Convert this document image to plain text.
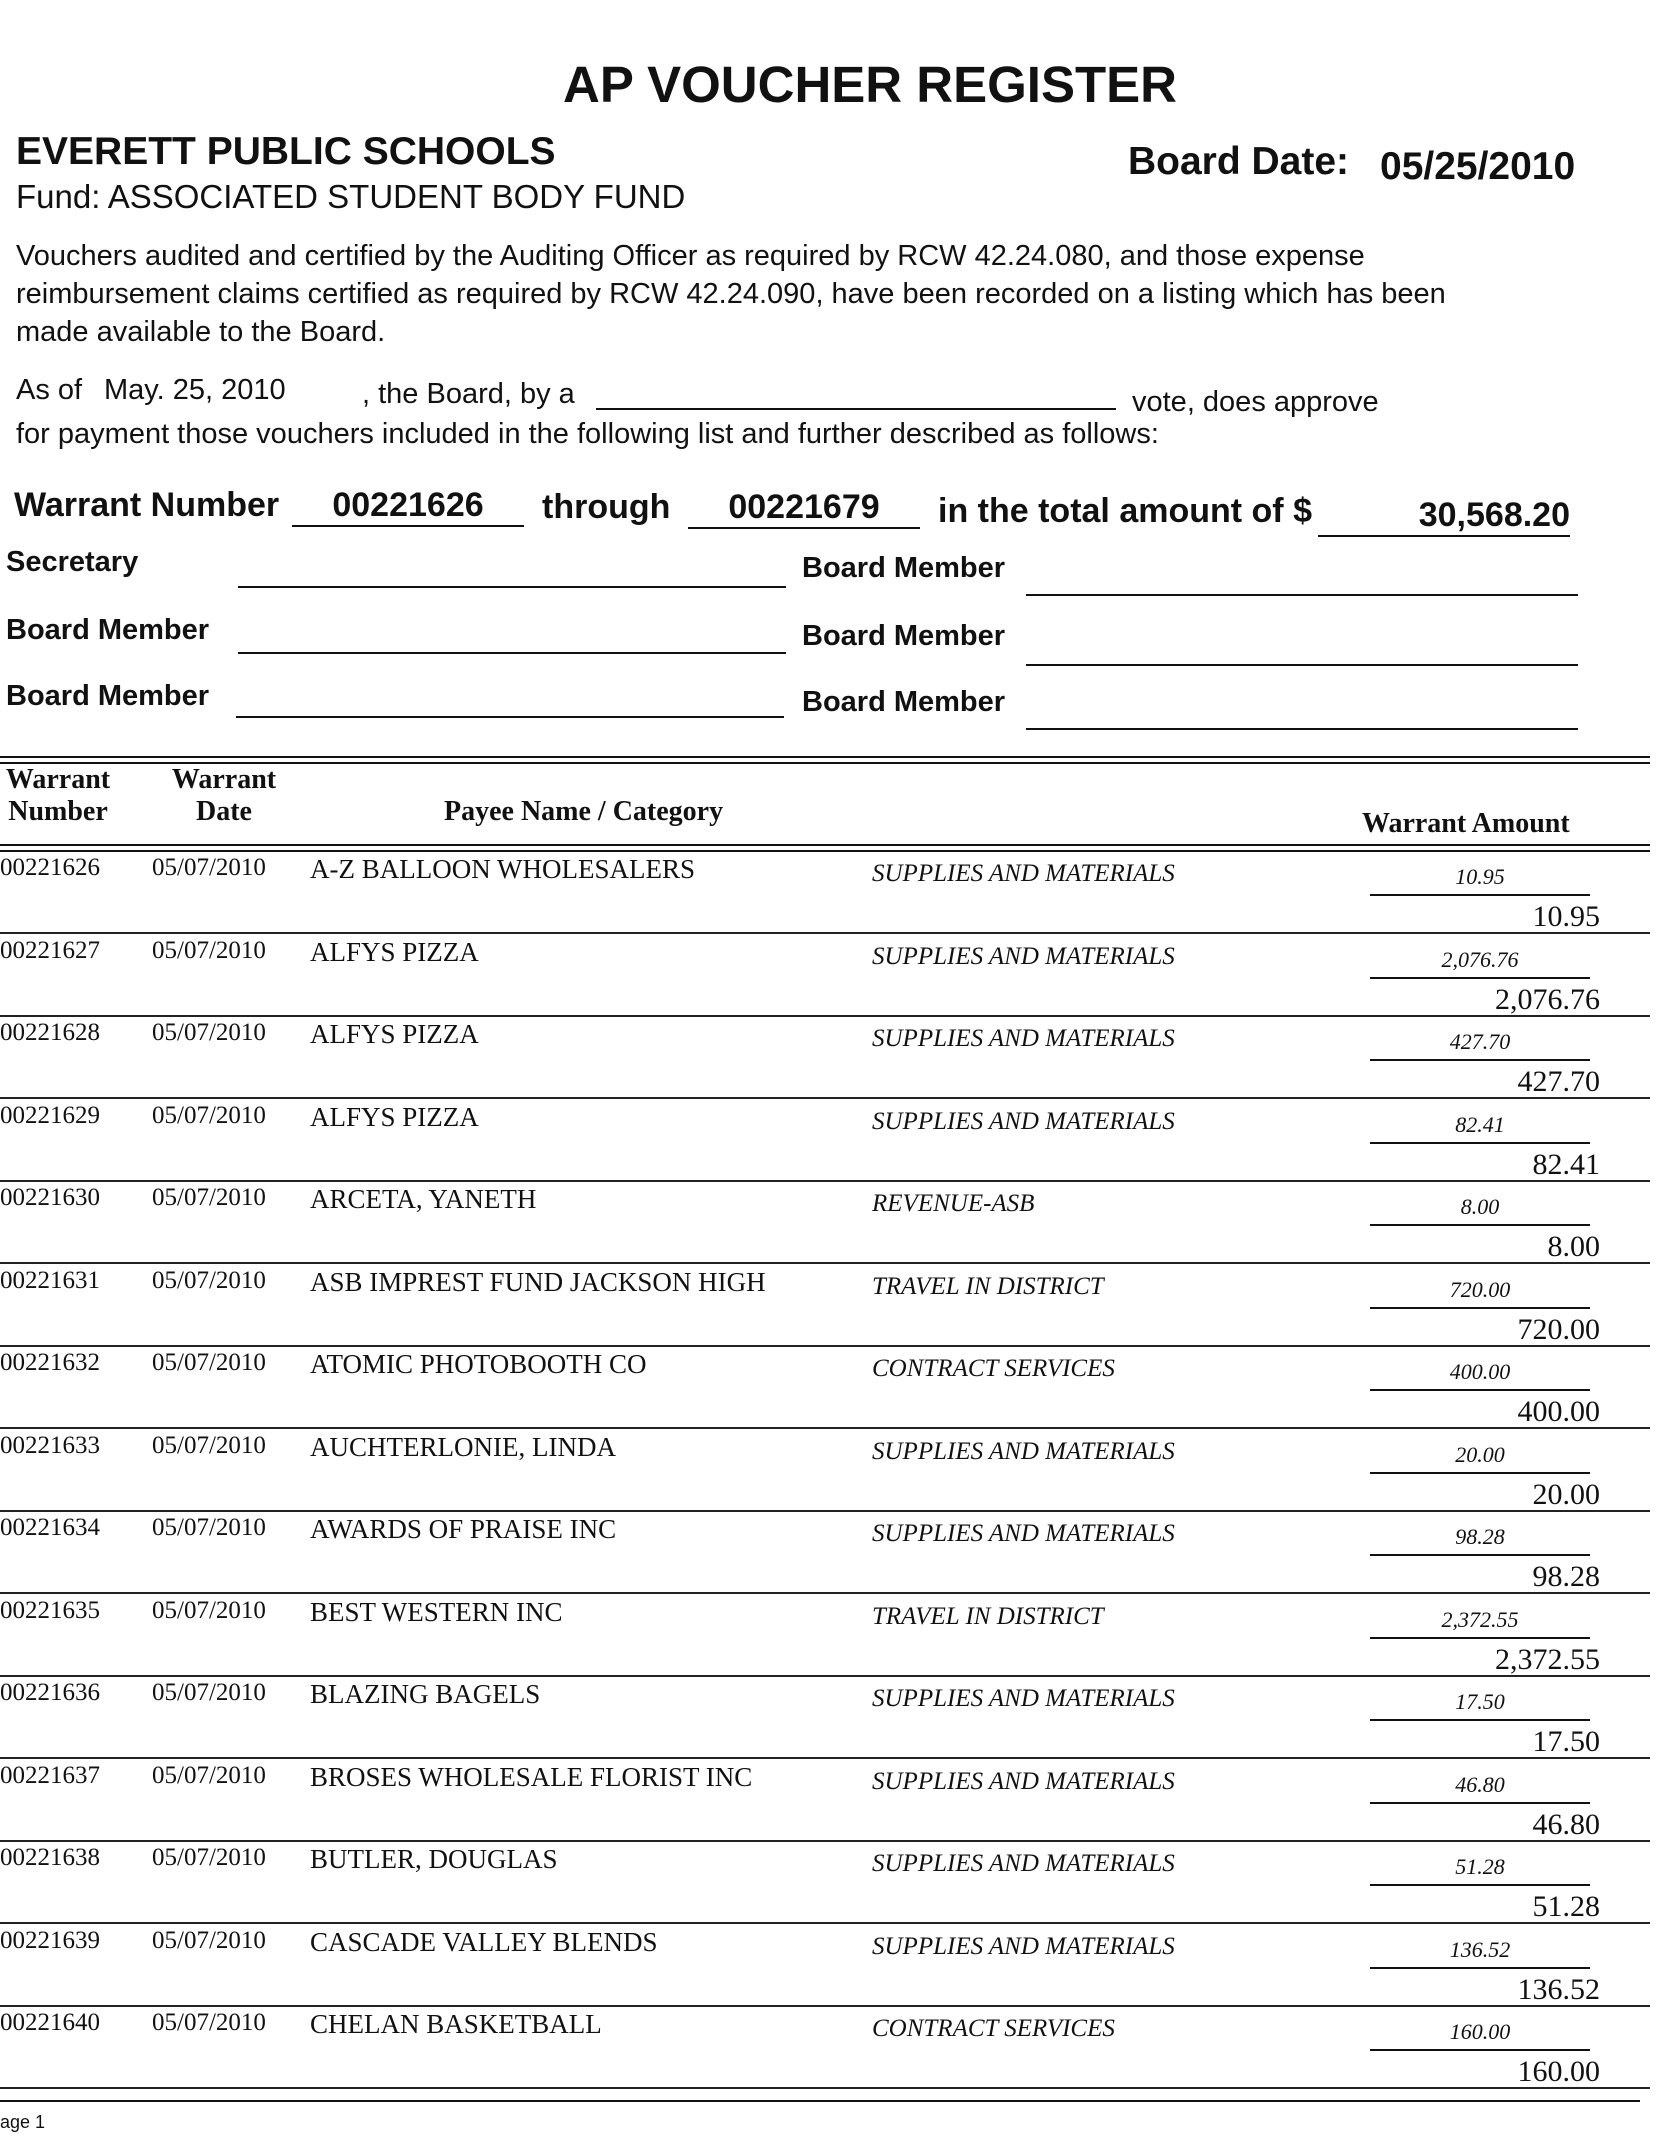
AP VOUCHER REGISTER
EVERETT PUBLIC SCHOOLS
Fund: ASSOCIATED STUDENT BODY FUND
Board Date: 05/25/2010
Vouchers audited and certified by the Auditing Officer as required by RCW 42.24.080, and those expense
reimbursement claims certified as required by RCW 42.24.090, have been recorded on a listing which has been
made available to the Board.
As of May. 25, 2010	, the Board, by a	vote, does approve
for payment those vouchers included in the following list and further described as follows:
Warrant Number	00221626	through	00221679	in the total amount of $	30,568.20
Secretary	Board Member
Board Member	Board Member
Board Member	Board Member
Warrant
Number
Warrant
Date	Payee Name / Category	Warrant Amount
00221626 05/07/2010 A-Z BALLOON WHOLESALERS	SUPPLIES AND MATERIALS	10.95
10.95
00221627 05/07/2010 ALFYS PIZZA	SUPPLIES AND MATERIALS	2,076.76
2,076.76
00221628 05/07/2010 ALFYS PIZZA	SUPPLIES AND MATERIALS	427.70
427.70
00221629 05/07/2010 ALFYS PIZZA	SUPPLIES AND MATERIALS	82.41
82.41
00221630 05/07/2010 ARCETA, YANETH	REVENUE-ASB	8.00
8.00
00221631 05/07/2010 ASB IMPREST FUND JACKSON HIGH	TRAVEL IN DISTRICT	720.00
720.00
00221632 05/07/2010 ATOMIC PHOTOBOOTH CO	CONTRACT SERVICES	400.00
400.00
00221633 05/07/2010 AUCHTERLONIE, LINDA	SUPPLIES AND MATERIALS	20.00
20.00
00221634 05/07/2010 AWARDS OF PRAISE INC	SUPPLIES AND MATERIALS	98.28
98.28
00221635 05/07/2010 BEST WESTERN INC	TRAVEL IN DISTRICT	2,372.55
2,372.55
00221636 05/07/2010 BLAZING BAGELS	SUPPLIES AND MATERIALS	17.50
17.50
00221637 05/07/2010 BROSES WHOLESALE FLORIST INC	SUPPLIES AND MATERIALS	46.80
46.80
00221638 05/07/2010 BUTLER, DOUGLAS	SUPPLIES AND MATERIALS	51.28
51.28
00221639 05/07/2010 CASCADE VALLEY BLENDS	SUPPLIES AND MATERIALS	136.52
136.52
00221640 05/07/2010 CHELAN BASKETBALL	CONTRACT SERVICES	160.00
160.00
age 1
